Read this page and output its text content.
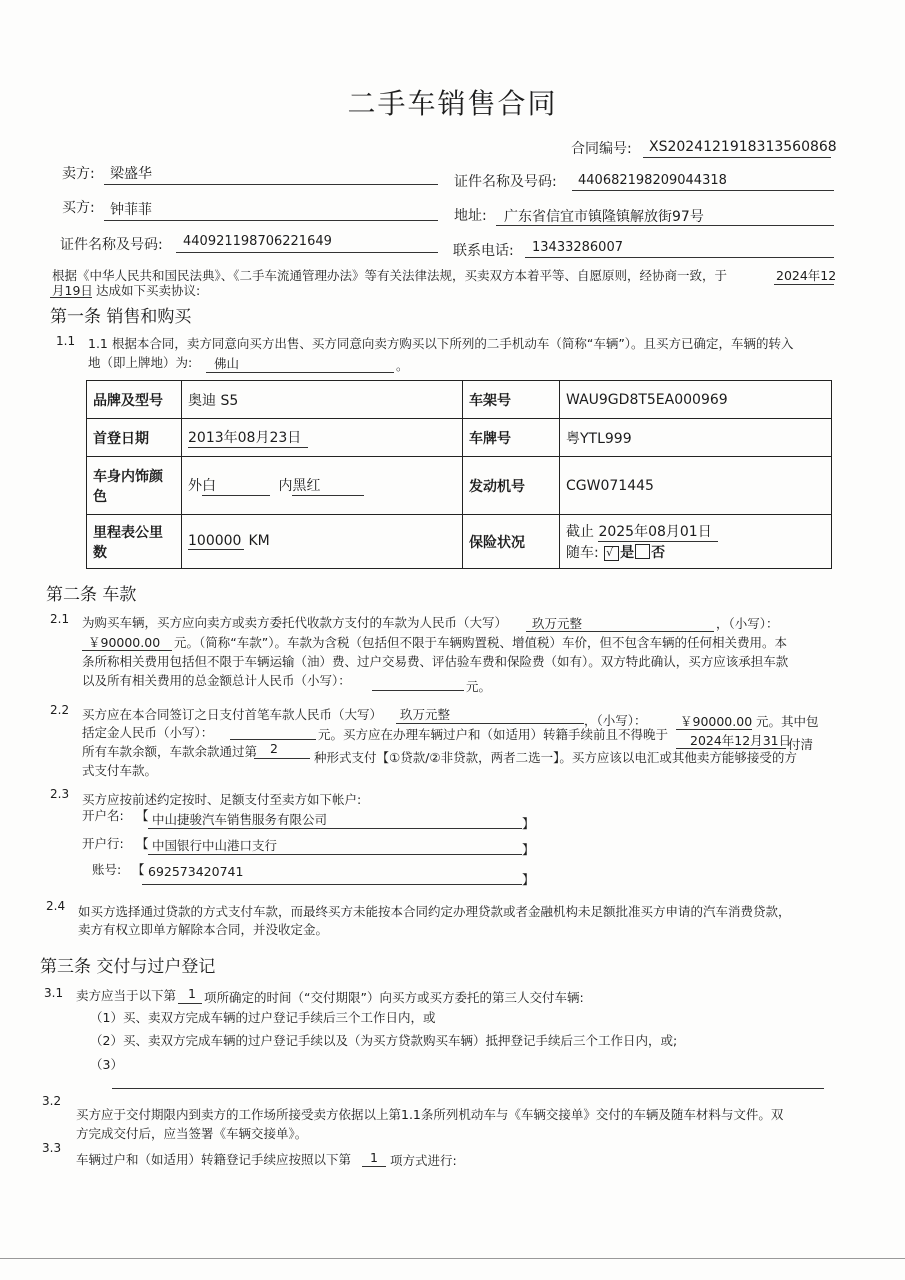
二手车销售合同
合同编号: XS20241219183135608​68
卖方: 梁盛华	证件名称及号码: 440682198209044318
买方: 钟菲菲	地址: 广东省信宜市镇隆镇解放街97号
证件名称及号码: 440921198706221649
联系电话: 13433286007
根据《中华人民共和国民法典》、《二手车流通管理办法》等有关法律法规，买卖双方本着平等、自愿原则，经协商一致，于	2024年12
月19日 达成如下买卖协议:
第一条 销售和购买
1.1 1.1 根据本合同，卖方同意向买方出售、买方同意向卖方购买以下所列的二手机动车（简称“车辆”）。且买方已确定，车辆的转入
地（即上牌地）为: 佛山	。
品牌及型号	奥迪 S5	车架号	WAU9GD8T5EA000969
首登日期	2013年08月23日	车牌号	粤YTL999
车身内饰颜
色	外白 内黑红	发动机号	CGW071445
里程表公里
数	100000 KM	保险状况	截止 2025年08月01日
随车: √ 是 否
第二条 车款
2.1 为购买车辆，买方应向卖方或卖方委托代收款方支付的车款为人民币（大写） 玖万元整	，（小写）：
￥90000.00 元。（简称“车款”）。车款为含税（包括但不限于车辆购置税、增值税）车价，但不包含车辆的任何相关费用。本
条所称相关费用包括但不限于车辆运输（油）费、过户交易费、评估验车费和保险费（如有）。双方特此确认，买方应该承担车款
以及所有相关费用的总金额总计人民币（小写）：	元。
2.2 买方应在本合同签订之日支付首笔车款人民币（大写） 玖万元整	，（小写）：	￥90000.00 元。其中包
括定金人民币（小写）：	元。买方应在办理车辆过户和（如适用）转籍手续前且不得晚于 2024年12月31日
付清
所有车款余额，车款余款通过第 2
种形式支付【①贷款/②非贷款，两者二选一】。买方应该以电汇或其他卖方能够接受的方
式支付车款。
2.3 买方应按前述约定按时、足额支付至卖方如下帐户:
开户名: 【 中山捷骏汽车销售服务有限公司	】
开户行: 【 中国银行中山港口支行	】
账号: 【 692573420741
】
2.4 如买方选择通过贷款的方式支付车款，而最终买方未能按本合同约定办理贷款或者金融机构未足额批准买方申请的汽车消费贷款，
卖方有权立即单方解除本合同，并没收定金。
第三条 交付与过户登记
3.1 卖方应当于以下第 1 项所确定的时间（“交付期限”）向买方或买方委托的第三人交付车辆:
（1）买、卖双方完成车辆的过户登记手续后三个工作日内，或
（2）买、卖双方完成车辆的过户登记手续以及（为买方贷款购买车辆）抵押登记手续后三个工作日内，或;
（3）
3.2
买方应于交付期限内到卖方的工作场所接受卖方依据以上第1.1条所列机动车与《车辆交接单》交付的车辆及随车材料与文件。双
方完成交付后，应当签署《车辆交接单》。
3.3
车辆过户和（如适用）转籍登记手续应按照以下第 1 项方式进行:
